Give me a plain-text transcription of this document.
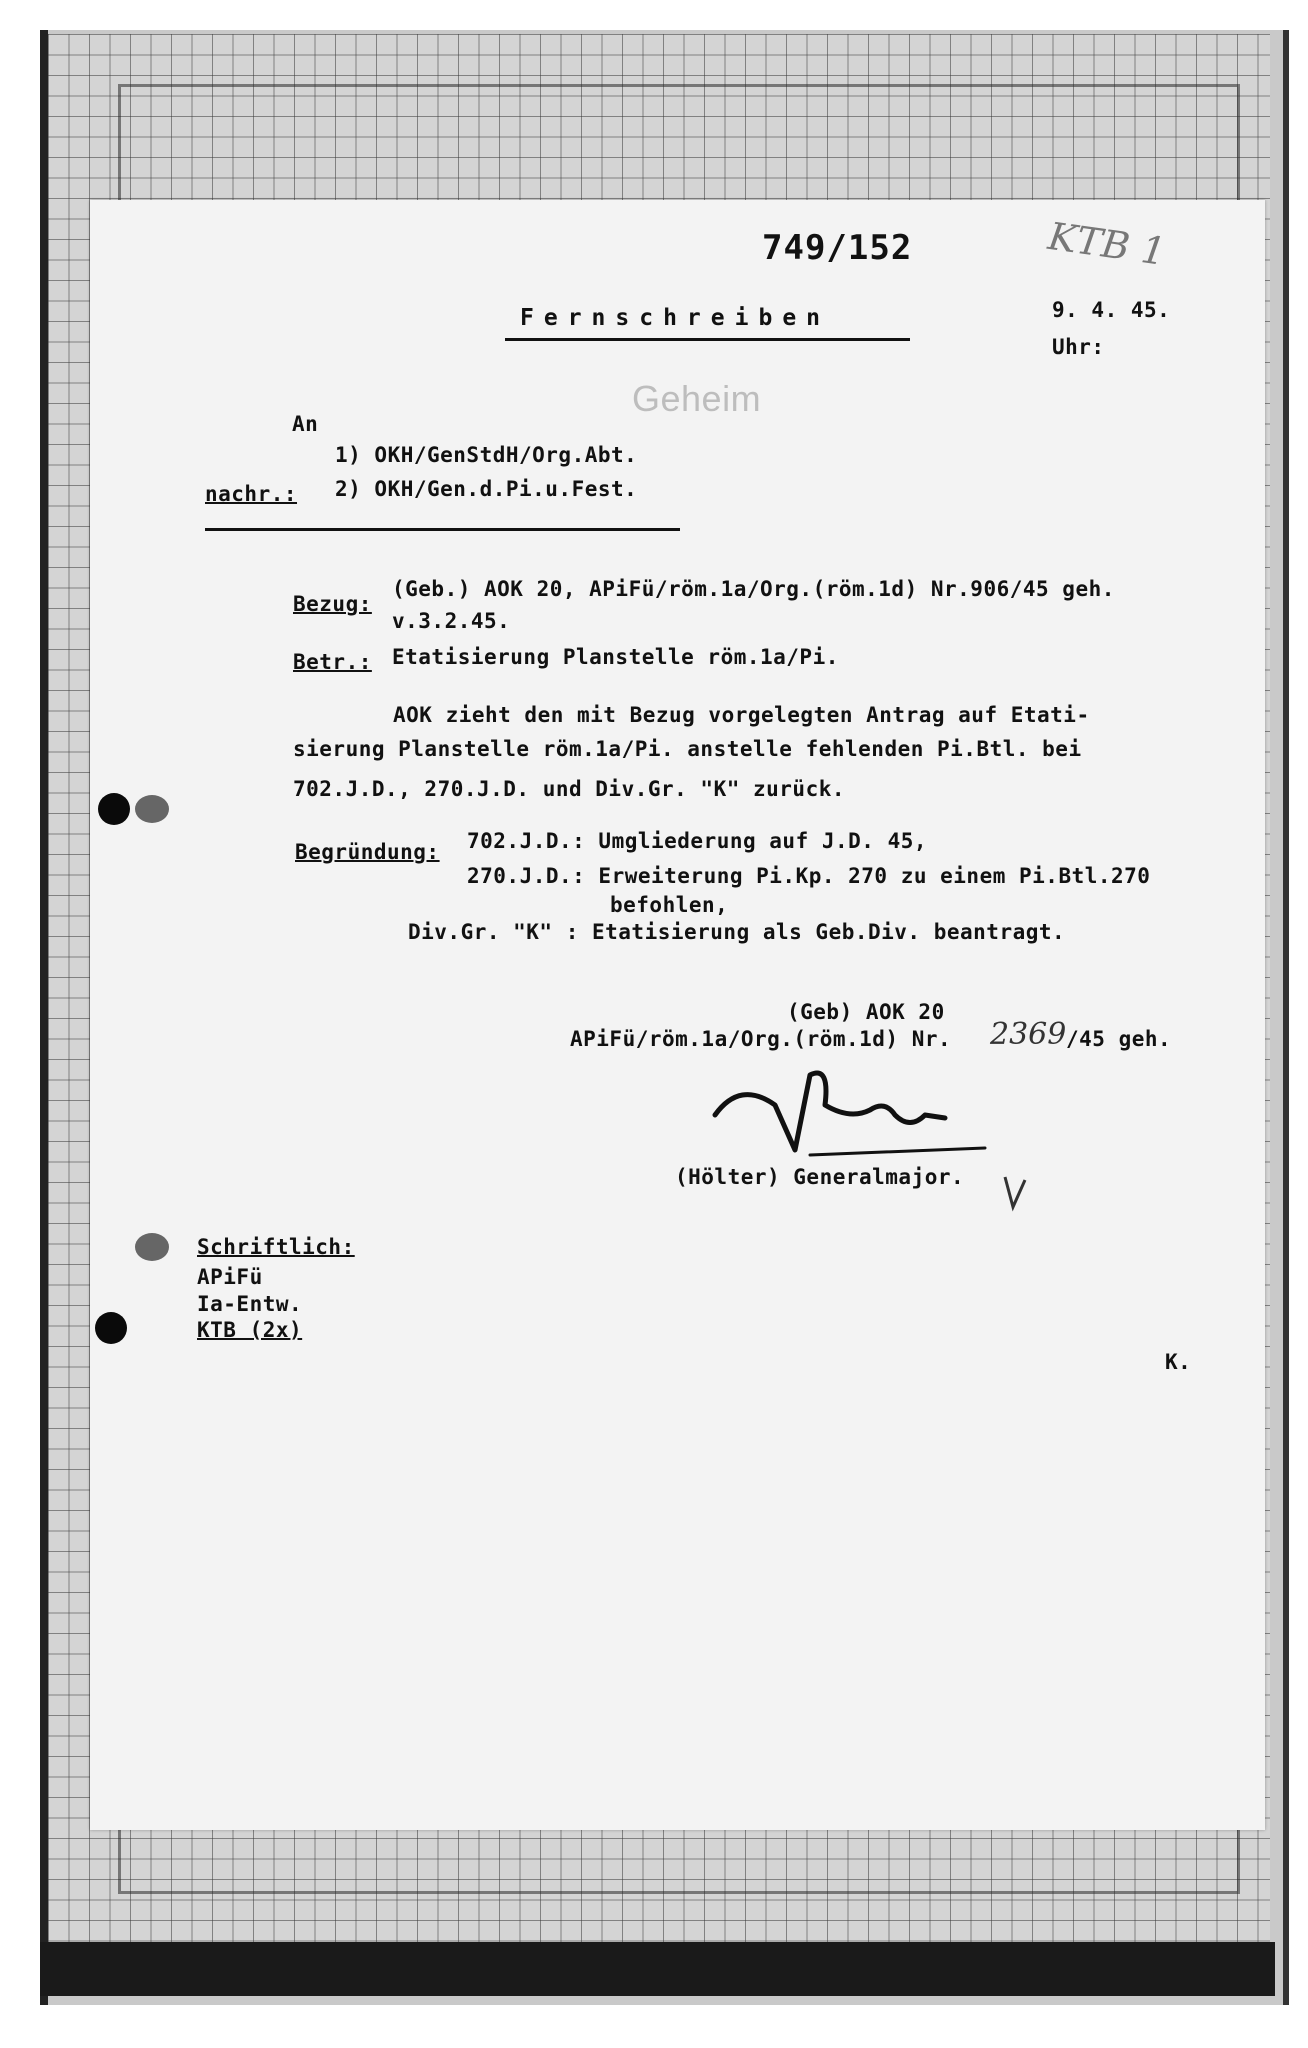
749/152	KTB 1
Fernschreiben	9. 4. 45.
Uhr:
Geheim
An
1) OKH/GenStdH/Org.Abt.
nachr.: 2) OKH/Gen.d.Pi.u.Fest.
Bezug:
(Geb.) AOK 20, APiFü/röm.1a/Org.(röm.1d) Nr.906/45 geh.
v.3.2.45.
Betr.: Etatisierung Planstelle röm.1a/Pi.
AOK zieht den mit Bezug vorgelegten Antrag auf Etati-
sierung Planstelle röm.1a/Pi. anstelle fehlenden Pi.Btl. bei
702.J.D., 270.J.D. und Div.Gr. "K" zurück.
Begründung: 702.J.D.: Umgliederung auf J.D. 45,
270.J.D.: Erweiterung Pi.Kp. 270 zu einem Pi.Btl.270
befohlen,
Div.Gr. "K" : Etatisierung als Geb.Div. beantragt.
(Geb) AOK 20
APiFü/röm.1a/Org.(röm.1d) Nr. 2369 /45 geh.
(Hölter) Generalmajor.
Schriftlich:
APiFü
Ia-Entw.
KTB (2x)
K.
